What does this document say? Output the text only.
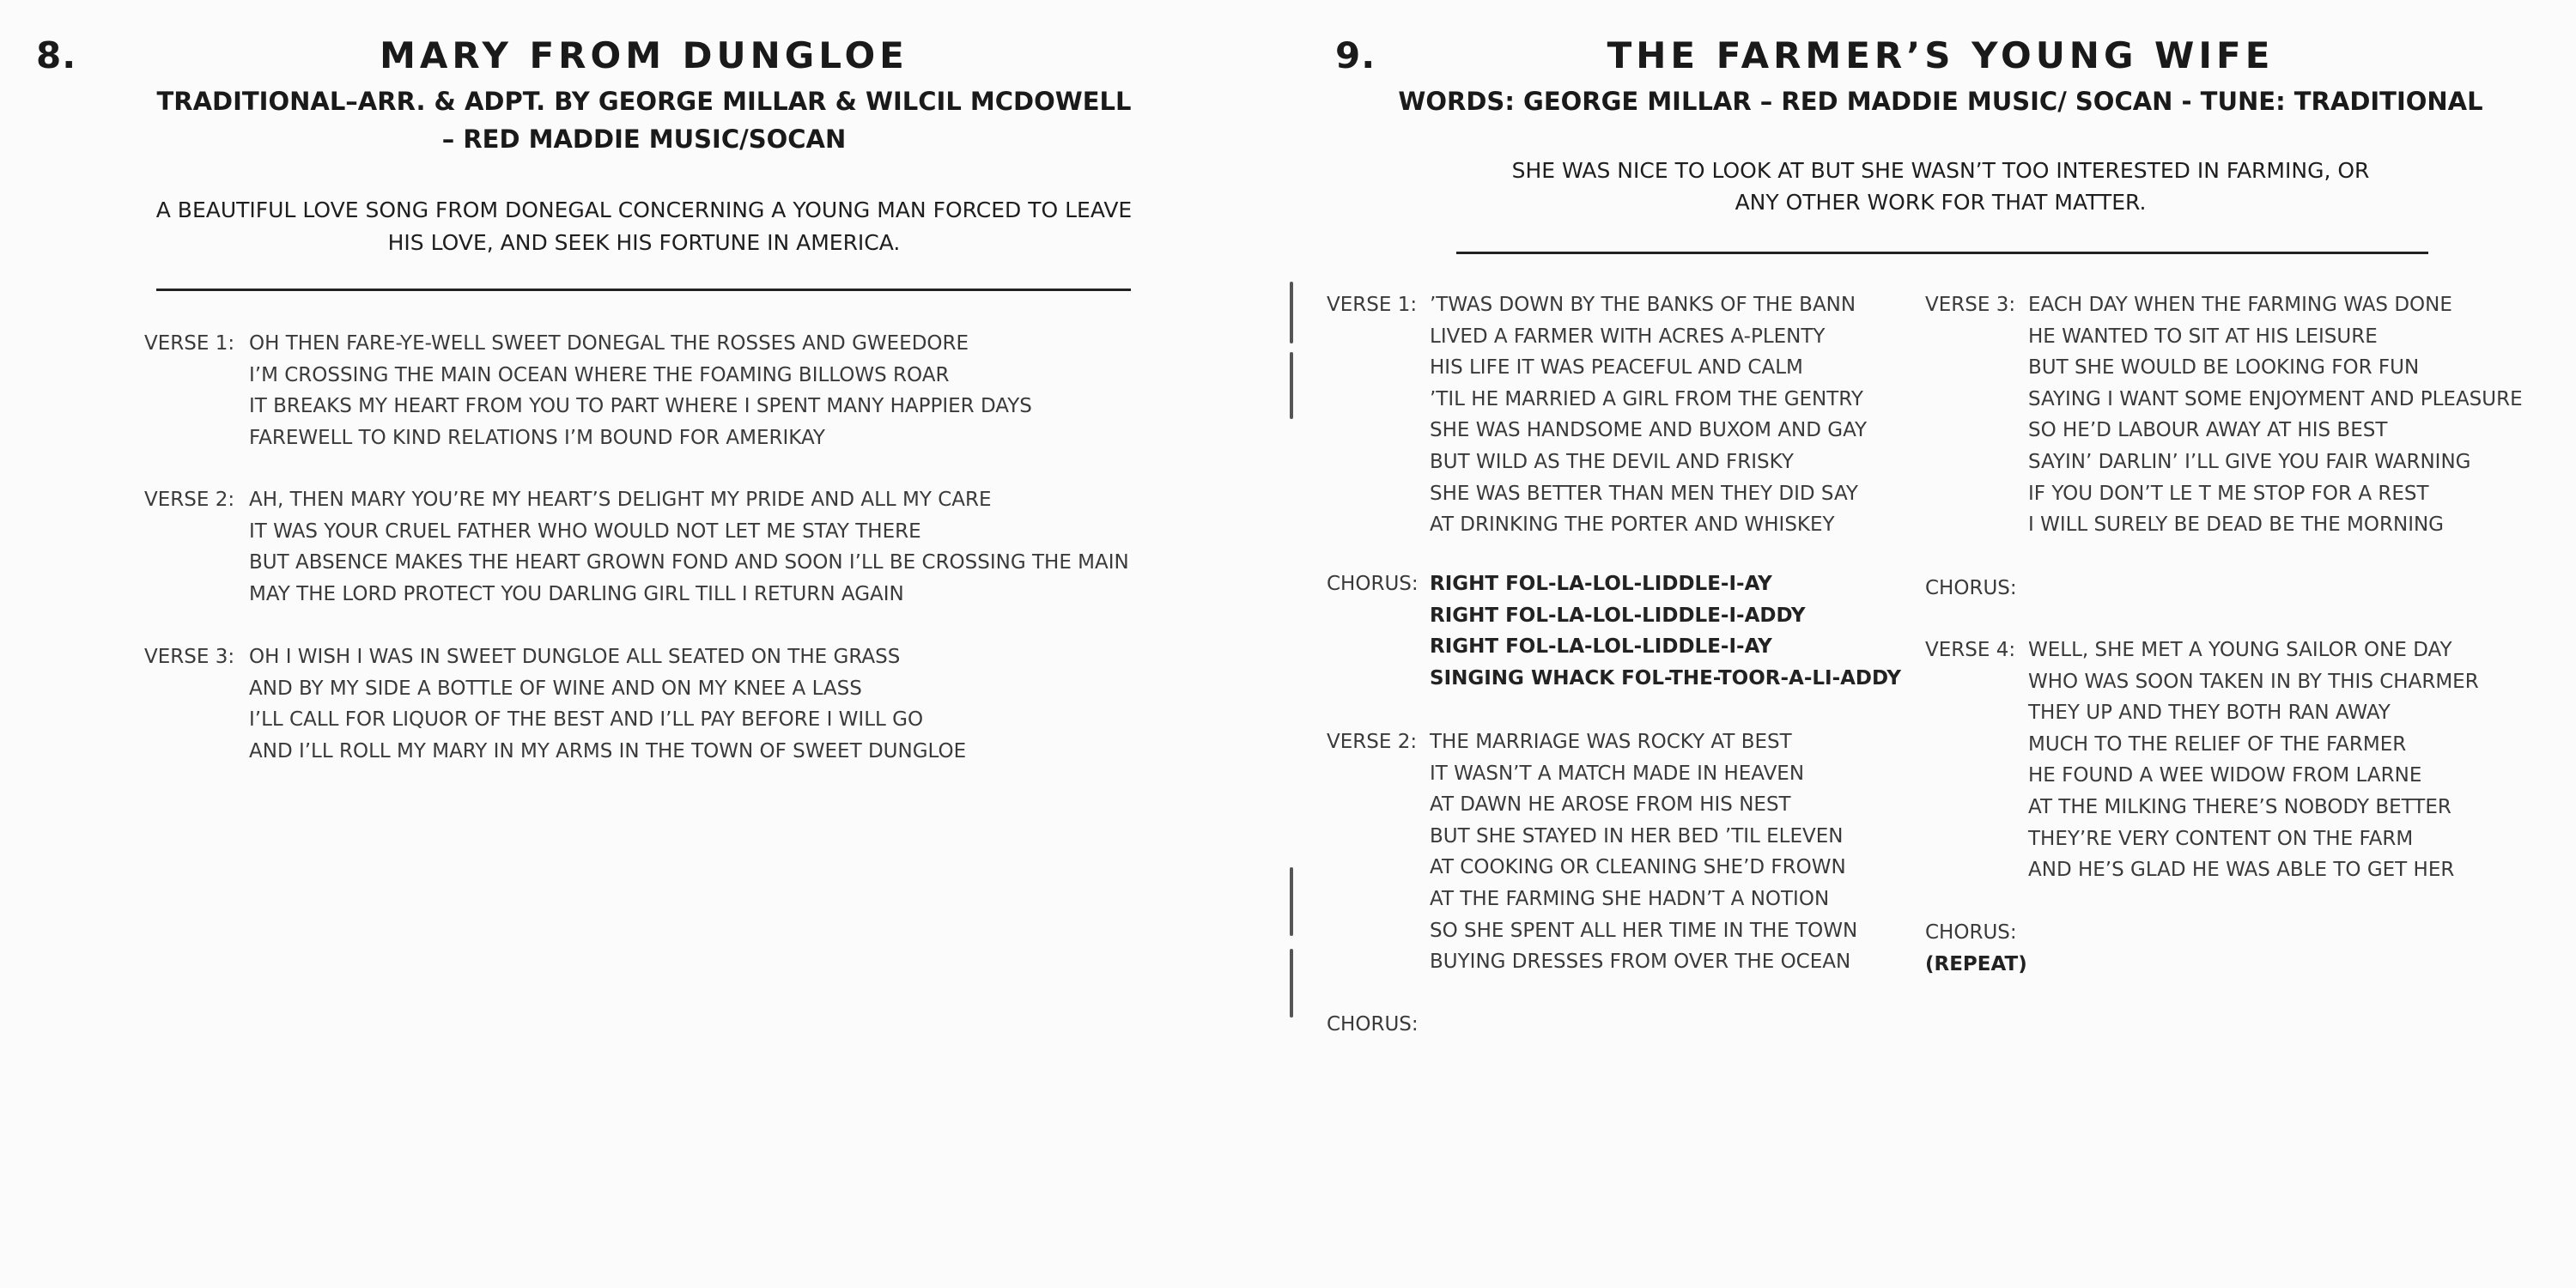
8.	MARY FROM DUNGLOE
TRADITIONAL–ARR. & ADPT. BY GEORGE MILLAR & WILCIL MCDOWELL
– RED MADDIE MUSIC/SOCAN
A BEAUTIFUL LOVE SONG FROM DONEGAL CONCERNING A YOUNG MAN FORCED TO LEAVE
HIS LOVE, AND SEEK HIS FORTUNE IN AMERICA.
VERSE 1: OH THEN FARE-YE-WELL SWEET DONEGAL THE ROSSES AND GWEEDORE
I’M CROSSING THE MAIN OCEAN WHERE THE FOAMING BILLOWS ROAR
IT BREAKS MY HEART FROM YOU TO PART WHERE I SPENT MANY HAPPIER DAYS
FAREWELL TO KIND RELATIONS I’M BOUND FOR AMERIKAY
VERSE 2: AH, THEN MARY YOU’RE MY HEART’S DELIGHT MY PRIDE AND ALL MY CARE
IT WAS YOUR CRUEL FATHER WHO WOULD NOT LET ME STAY THERE
BUT ABSENCE MAKES THE HEART GROWN FOND AND SOON I’LL BE CROSSING THE MAIN
MAY THE LORD PROTECT YOU DARLING GIRL TILL I RETURN AGAIN
VERSE 3: OH I WISH I WAS IN SWEET DUNGLOE ALL SEATED ON THE GRASS
AND BY MY SIDE A BOTTLE OF WINE AND ON MY KNEE A LASS
I’LL CALL FOR LIQUOR OF THE BEST AND I’LL PAY BEFORE I WILL GO
AND I’LL ROLL MY MARY IN MY ARMS IN THE TOWN OF SWEET DUNGLOE
9.	THE FARMER’S YOUNG WIFE
WORDS: GEORGE MILLAR – RED MADDIE MUSIC/ SOCAN - TUNE: TRADITIONAL
SHE WAS NICE TO LOOK AT BUT SHE WASN’T TOO INTERESTED IN FARMING, OR
ANY OTHER WORK FOR THAT MATTER.
VERSE 1: ’TWAS DOWN BY THE BANKS OF THE BANN
LIVED A FARMER WITH ACRES A-PLENTY
HIS LIFE IT WAS PEACEFUL AND CALM
’TIL HE MARRIED A GIRL FROM THE GENTRY
SHE WAS HANDSOME AND BUXOM AND GAY
BUT WILD AS THE DEVIL AND FRISKY
SHE WAS BETTER THAN MEN THEY DID SAY
AT DRINKING THE PORTER AND WHISKEY
CHORUS: RIGHT FOL-LA-LOL-LIDDLE-I-AY
RIGHT FOL-LA-LOL-LIDDLE-I-ADDY
RIGHT FOL-LA-LOL-LIDDLE-I-AY
SINGING WHACK FOL-THE-TOOR-A-LI-ADDY
VERSE 2: THE MARRIAGE WAS ROCKY AT BEST
IT WASN’T A MATCH MADE IN HEAVEN
AT DAWN HE AROSE FROM HIS NEST
BUT SHE STAYED IN HER BED ’TIL ELEVEN
AT COOKING OR CLEANING SHE’D FROWN
AT THE FARMING SHE HADN’T A NOTION
SO SHE SPENT ALL HER TIME IN THE TOWN
BUYING DRESSES FROM OVER THE OCEAN
CHORUS:
VERSE 3: EACH DAY WHEN THE FARMING WAS DONE
HE WANTED TO SIT AT HIS LEISURE
BUT SHE WOULD BE LOOKING FOR FUN
SAYING I WANT SOME ENJOYMENT AND PLEASURE
SO HE’D LABOUR AWAY AT HIS BEST
SAYIN’ DARLIN’ I’LL GIVE YOU FAIR WARNING
IF YOU DON’T LE T ME STOP FOR A REST
I WILL SURELY BE DEAD BE THE MORNING
CHORUS:
VERSE 4: WELL, SHE MET A YOUNG SAILOR ONE DAY
WHO WAS SOON TAKEN IN BY THIS CHARMER
THEY UP AND THEY BOTH RAN AWAY
MUCH TO THE RELIEF OF THE FARMER
HE FOUND A WEE WIDOW FROM LARNE
AT THE MILKING THERE’S NOBODY BETTER
THEY’RE VERY CONTENT ON THE FARM
AND HE’S GLAD HE WAS ABLE TO GET HER
CHORUS:
(REPEAT)
